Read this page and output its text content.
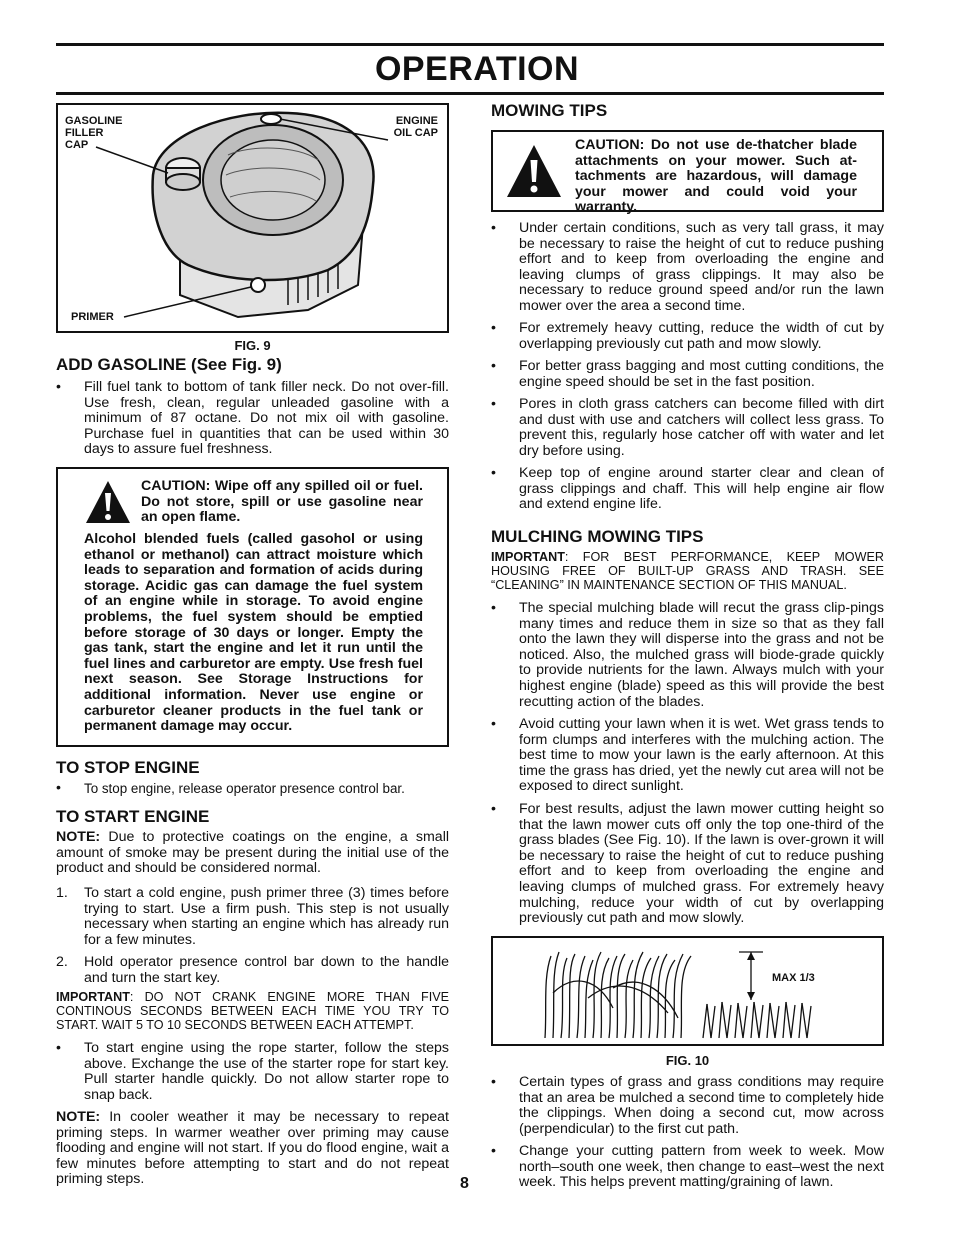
OPERATION
GASOLINE
FILLER
CAP
ENGINE
OIL CAP
PRIMER
FIG. 9
ADD GASOLINE (See Fig. 9)
•	Fill fuel tank to bottom of tank filler neck. Do not over-fill. Use fresh, clean, regular unleaded gasoline with a minimum of 87 octane. Do not mix oil with gasoline. Purchase fuel in quantities that can be used within 30 days to assure fuel freshness.
CAUTION: Wipe off any spilled oil or fuel. Do not store, spill or use gasoline near an open flame.
Alcohol blended fuels (called gasohol or using ethanol or methanol) can attract moisture which leads to separation and formation of acids during storage. Acidic gas can damage the fuel system of an engine while in storage. To avoid engine problems, the fuel system should be emptied before storage of 30 days or longer. Empty the gas tank, start the engine and let it run until the fuel lines and carburetor are empty. Use fresh fuel next season. See Storage Instructions for additional information. Never use engine or carburetor cleaner products in the fuel tank or permanent damage may occur.
TO STOP ENGINE
•	To stop engine, release operator presence control bar.
TO START ENGINE
NOTE: Due to protective coatings on the engine, a small amount of smoke may be present during the initial use of the product and should be considered normal.
1. To start a cold engine, push primer three (3) times before trying to start. Use a firm push. This step is not usually necessary when starting an engine which has already run for a few minutes.
2. Hold operator presence control bar down to the handle and turn the start key.
IMPORTANT: DO NOT CRANK ENGINE MORE THAN FIVE CONTINOUS SECONDS BETWEEN EACH TIME YOU TRY TO START. WAIT 5 TO 10 SECONDS BETWEEN EACH ATTEMPT.
•	To start engine using the rope starter, follow the steps above. Exchange the use of the starter rope for start key. Pull starter handle quickly. Do not allow starter rope to snap back.
NOTE: In cooler weather it may be necessary to repeat priming steps. In warmer weather over priming may cause flooding and engine will not start. If you do flood engine, wait a few minutes before attempting to start and do not repeat priming steps.
MOWING TIPS
CAUTION: Do not use de-thatcher blade attachments on your mower. Such at-tachments are hazardous, will damage your mower and could void your warranty.
•	Under certain conditions, such as very tall grass, it may be necessary to raise the height of cut to reduce pushing effort and to keep from overloading the engine and leaving clumps of grass clippings. It may also be necessary to reduce ground speed and/or run the lawn mower over the area a second time.
•	For extremely heavy cutting, reduce the width of cut by overlapping previously cut path and mow slowly.
•	For better grass bagging and most cutting conditions, the engine speed should be set in the fast position.
•	Pores in cloth grass catchers can become filled with dirt and dust with use and catchers will collect less grass. To prevent this, regularly hose catcher off with water and let dry before using.
•	Keep top of engine around starter clear and clean of grass clippings and chaff. This will help engine air flow and extend engine life.
MULCHING MOWING TIPS
IMPORTANT: FOR BEST PERFORMANCE, KEEP MOWER HOUSING FREE OF BUILT-UP GRASS AND TRASH. SEE “CLEANING” IN MAINTENANCE SECTION OF THIS MANUAL.
•	The special mulching blade will recut the grass clip-pings many times and reduce them in size so that as they fall onto the lawn they will disperse into the grass and not be noticed. Also, the mulched grass will biode-grade quickly to provide nutrients for the lawn. Always mulch with your highest engine (blade) speed as this will provide the best recutting action of the blades.
•	Avoid cutting your lawn when it is wet. Wet grass tends to form clumps and interferes with the mulching action. The best time to mow your lawn is the early afternoon. At this time the grass has dried, yet the newly cut area will not be exposed to direct sunlight.
•	For best results, adjust the lawn mower cutting height so that the lawn mower cuts off only the top one-third of the grass blades (See Fig. 10). If the lawn is over-grown it will be necessary to raise the height of cut to reduce pushing effort and to keep from overloading the engine and leaving clumps of mulched grass. For extremely heavy mulching, reduce your width of cut by overlapping previously cut path and mow slowly.
MAX 1/3
FIG. 10
•	Certain types of grass and grass conditions may require that an area be mulched a second time to completely hide the clippings. When doing a second cut, mow across (perpendicular) to the first cut path.
•	Change your cutting pattern from week to week. Mow north–south one week, then change to east–west the next week. This helps prevent matting/graining of lawn.
8
